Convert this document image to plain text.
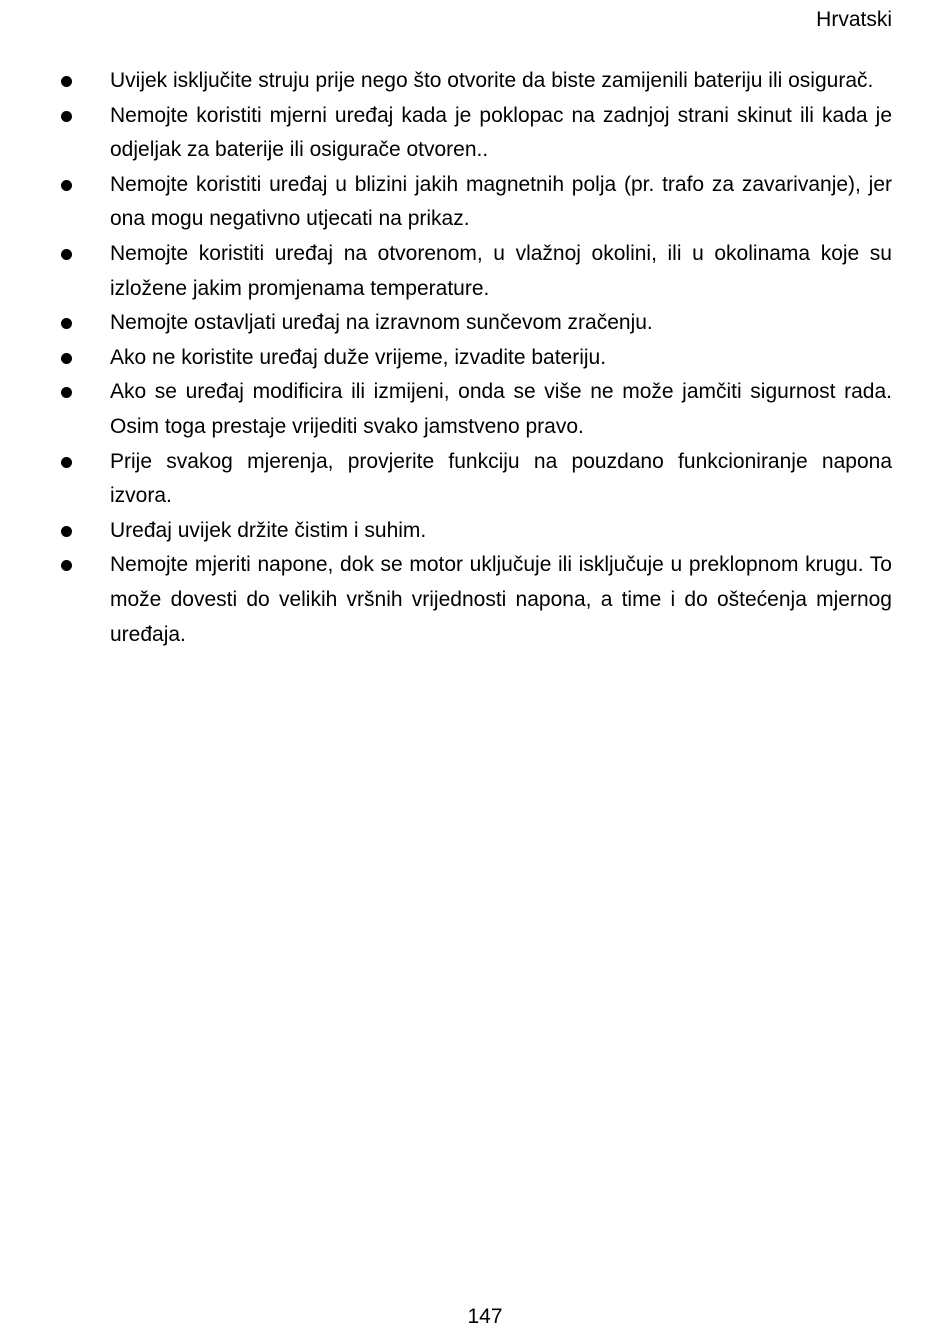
Hrvatski
Uvijek isključite struju prije nego što otvorite da biste zamijenili bateriju ili osigurač.
Nemojte koristiti mjerni uređaj kada je poklopac na zadnjoj strani skinut ili kada je odjeljak za baterije ili osigurače otvoren..
Nemojte koristiti uređaj u blizini jakih magnetnih polja (pr. trafo za zavarivanje), jer ona mogu negativno utjecati na prikaz.
Nemojte koristiti uređaj na otvorenom, u vlažnoj okolini, ili u okolinama koje su izložene jakim promjenama temperature.
Nemojte ostavljati uređaj na izravnom sunčevom zračenju.
Ako ne koristite uređaj duže vrijeme, izvadite bateriju.
Ako se uređaj modificira ili izmijeni, onda se više ne može jamčiti sigurnost rada. Osim toga prestaje vrijediti svako jamstveno pravo.
Prije svakog mjerenja, provjerite funkciju na pouzdano funkcioniranje napona izvora.
Uređaj uvijek držite čistim i suhim.
Nemojte mjeriti napone, dok se motor uključuje ili isključuje u preklopnom krugu. To može dovesti do velikih vršnih vrijednosti napona, a time i do oštećenja mjernog uređaja.
147
